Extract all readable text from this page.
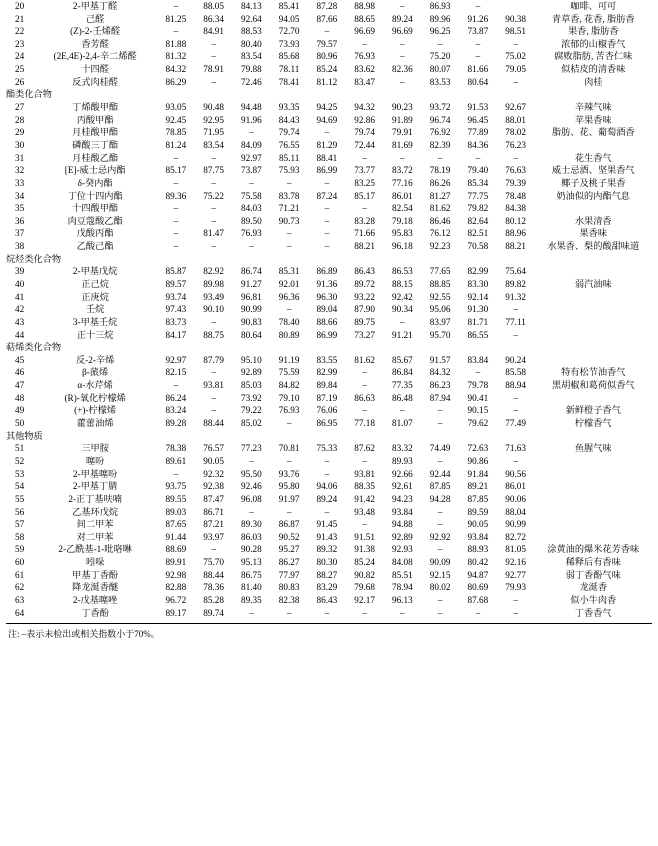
20	2-甲基丁醛	–	88.05	84.13	85.41	87.28	88.98	–	86.93	–		咖啡、可可
21	己醛	81.25	86.34	92.64	94.05	87.66	88.65	89.24	89.96	91.26	90.38	青草香, 花香, 脂肪香
22	(Z)-2-壬烯醛	–	84.91	88.53	72.70	–	96.69	96.69	96.25	73.87	98.51	果香, 脂肪香
23	香芳醛	81.88	–	80.40	73.93	79.57	–	–	–	–	–	浓郁的山椒香气
24	(2E,4E)-2,4-辛二烯醛	81.32	–	83.54	85.68	80.96	76.93	–	75.20	–	75.02	腐败脂肪, 苦杏仁味
25	十四醛	84.32	78.91	79.88	78.11	85.24	83.62	82.36	80.07	81.66	79.05	似桔皮的清香味
26	反式肉桂醛	86.29	–	72.46	78.41	81.12	83.47	–	83.53	80.64	–	肉桂
酯类化合物												
27	丁烯酸甲酯	93.05	90.48	94.48	93.35	94.25	94.32	90.23	93.72	91.53	92.67	辛辣气味
28	丙酸甲酯	92.45	92.95	91.96	84.43	94.69	92.86	91.89	96.74	96.45	88.01	苹果香味
29	月桂酸甲酯	78.85	71.95	–	79.74	–	79.74	79.91	76.92	77.89	78.02	脂肪、花、葡萄酒香
30	磷酸三丁酯	81.24	83.54	84.09	76.55	81.29	72.44	81.69	82.39	84.36	76.23	
31	月桂酸乙酯	–	–	92.97	85.11	88.41	–	–	–	–	–	花生香气
32	[E]-威士忌内酯	85.17	87.75	73.87	75.93	86.99	73.77	83.72	78.19	79.40	76.63	威士忌酒、坚果香气
33	δ-癸内酯	–	–	–	–	–	83.25	77.16	86.26	85.34	79.39	椰子及桃子果香
34	丁位十四内酯	89.36	75.22	75.58	83.78	87.24	85.17	86.01	81.27	77.75	78.48	奶油似的内酯气息
35	十四酸甲酯	–	–	84.03	71.21	–	–	82.54	81.62	79.82	84.38	
36	肉豆蔻酸乙酯	–	–	89.50	90.73	–	83.28	79.18	86.46	82.64	80.12	水果清香
37	戊酸丙酯	–	81.47	76.93	–	–	71.66	95.83	76.12	82.51	88.96	果香味
38	乙酸己酯	–	–	–	–	–	88.21	96.18	92.23	70.58	88.21	水果香、梨的酸甜味道
烷烃类化合物												
39	2-甲基戊烷	85.87	82.92	86.74	85.31	86.89	86.43	86.53	77.65	82.99	75.64	
40	正己烷	89.57	89.98	91.27	92.01	91.36	89.72	88.15	88.85	83.30	89.82	弱汽油味
41	正庚烷	93.74	93.49	96.81	96.36	96.30	93.22	92.42	92.55	92.14	91.32	
42	壬烷	97.43	90.10	90.99	–	89.04	87.90	90.34	95.06	91.30	–	
43	3-甲基壬烷	83.73	–	90.83	78.40	88.66	89.75	–	83.97	81.71	77.11	
44	正十三烷	84.17	88.75	80.64	80.89	86.99	73.27	91.21	95.70	86.55	–	
萜烯类化合物												
45	反-2-辛烯	92.97	87.79	95.10	91.19	83.55	81.62	85.67	91.57	83.84	90.24	
46	β-蒎烯	82.15	–	92.89	75.59	82.99	–	86.84	84.32	–	85.58	特有松节油香气
47	α-水芹烯	–	93.81	85.03	84.82	89.84	–	77.35	86.23	79.78	88.94	黑胡椒和葛荷似香气
48	(R)-氧化柠檬烯	86.24	–	73.92	79.10	87.19	86.63	86.48	87.94	90.41	–	
49	(+)-柠檬烯	83.24	–	79.22	76.93	76.06	–	–	–	90.15	–	新鲜橙子香气
50	藿蕾油烯	89.28	88.44	85.02	–	86.95	77.18	81.07	–	79.62	77.49	柠檬香气
其他物质												
51	三甲胺	78.38	76.57	77.23	70.81	75.33	87.62	83.32	74.49	72.63	71.63	鱼腥气味
52	噻吩	89.61	90.05	–	–	–	–	89.93	–	90.86	–	
53	2-甲基噻吩	–	92.32	95.50	93.76	–	93.81	92.66	92.44	91.84	90.56	
54	2-甲基丁腈	93.75	92.38	92.46	95.80	94.06	88.35	92.61	87.85	89.21	86.01	
55	2-正丁基呋喃	89.55	87.47	96.08	91.97	89.24	91.42	94.23	94.28	87.85	90.06	
56	乙基环戊烷	89.03	86.71	–	–	–	93.48	93.84	–	89.59	88.04	
57	间二甲苯	87.65	87.21	89.30	86.87	91.45	–	94.88	–	90.05	90.99	
58	对二甲苯	91.44	93.97	86.03	90.52	91.43	91.51	92.89	92.92	93.84	82.72	
59	2-乙酰基-1-吡咯啉	88.69	–	90.28	95.27	89.32	91.38	92.93	–	88.93	81.05	涂黄油的爆米花芳香味
60	吲哚	89.91	75.70	95.13	86.27	80.30	85.24	84.08	90.09	80.42	92.16	稀释后有香味
61	甲基丁香酚	92.98	88.44	86.75	77.97	88.27	90.82	85.51	92.15	94.87	92.77	弱丁香酚气味
62	降龙涎香醚	82.88	78.36	81.40	80.83	83.29	79.68	78.94	80.02	80.69	79.93	龙涎香
63	2-戊基噻唑	96.72	85.28	89.35	82.38	86.43	92.17	96.13	–	87.68	–	似小牛肉香
64	丁香酚	89.17	89.74	–	–	–	–	–	–	–	–	丁香香气
注: –表示未检出或相关指数小于70%。
